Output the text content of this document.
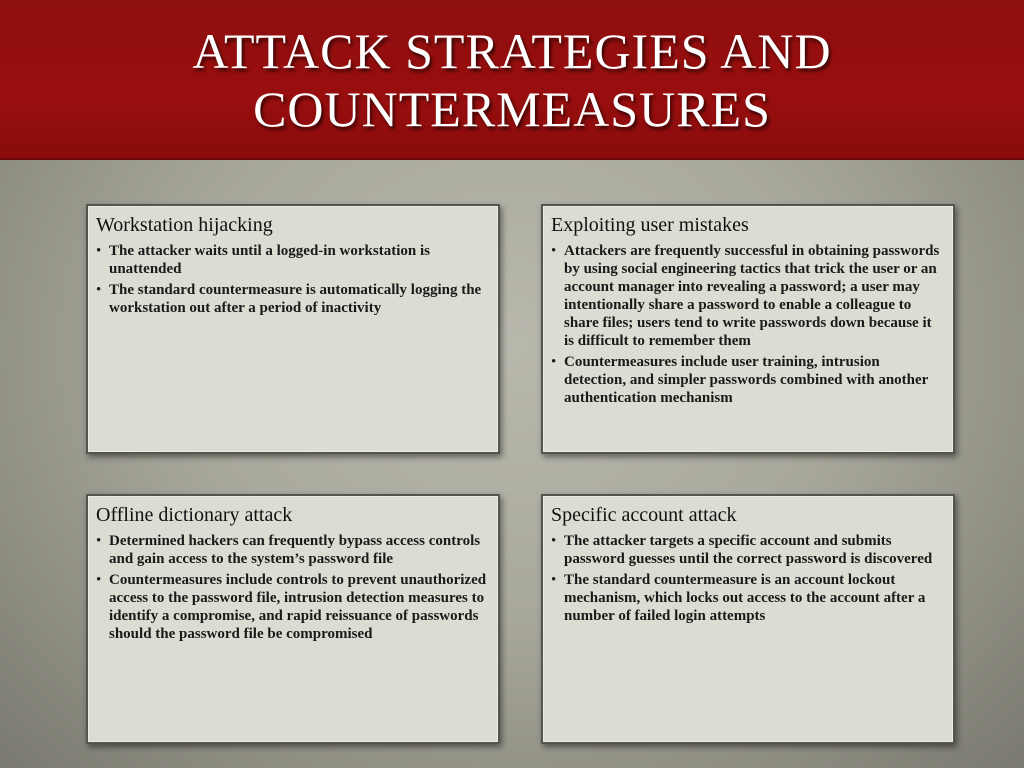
ATTACK STRATEGIES AND
COUNTERMEASURES
Workstation hijacking
• The attacker waits until a logged-in workstation is unattended
• The standard countermeasure is automatically logging the workstation out after a period of inactivity
Exploiting user mistakes
• Attackers are frequently successful in obtaining passwords by using social engineering tactics that trick the user or an account manager into revealing a password; a user may intentionally share a password to enable a colleague to share files; users tend to write passwords down because it is difficult to remember them
• Countermeasures include user training, intrusion detection, and simpler passwords combined with another authentication mechanism
Offline dictionary attack
• Determined hackers can frequently bypass access controls and gain access to the system’s password file
• Countermeasures include controls to prevent unauthorized access to the password file, intrusion detection measures to identify a compromise, and rapid reissuance of passwords should the password file be compromised
Specific account attack
• The attacker targets a specific account and submits password guesses until the correct password is discovered
• The standard countermeasure is an account lockout mechanism, which locks out access to the account after a number of failed login attempts
